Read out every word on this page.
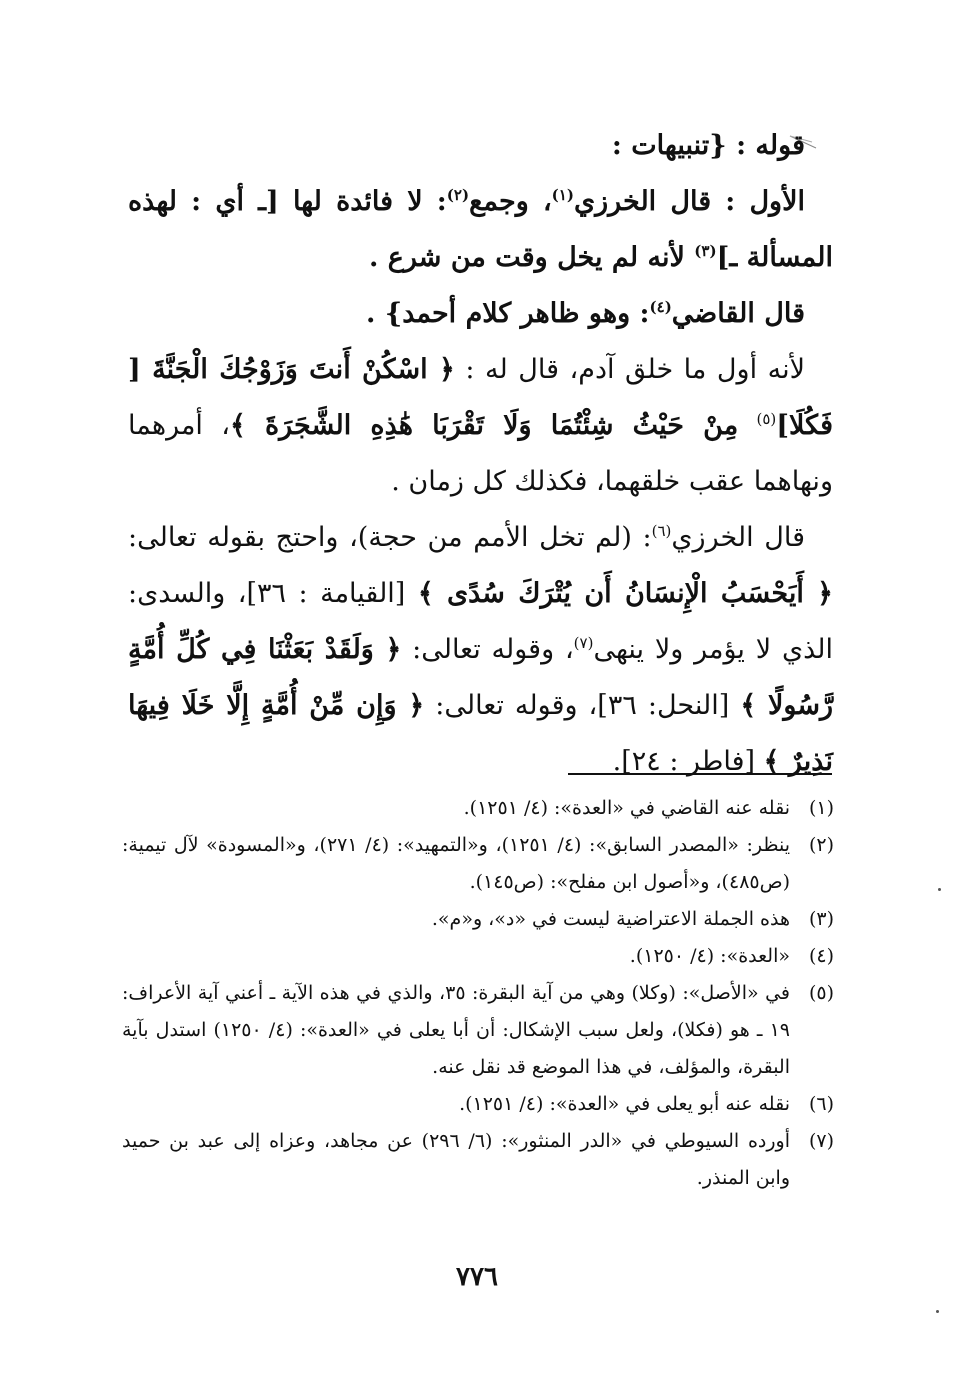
قوله : {تنبيهات :

الأول : قال الخرزي$^{(١)}$، وجمع$^{(٢)}$: لا فائدة لها [ـ أي : لهذه المسألة ـ]$^{(٣)}$ لأنه لم يخل وقت من شرع .

قال القاضي$^{(٤)}$: وهو ظاهر كلام أحمد} .

لأنه أول ما خلق آدم، قال له : ﴿ اسْكُنْ أَنتَ وَزَوْجُكَ الْجَنَّةَ [ فَكُلَا]$^{(٥)}$ مِنْ حَيْثُ شِئْتُمَا وَلَا تَقْرَبَا هَٰذِهِ الشَّجَرَةَ ﴾، أمرهما ونهاهما عقب خلقهما، فكذلك كل زمان .

قال الخرزي$^{(٦)}$: (لم تخل الأمم من حجة)، واحتج بقوله تعالى: ﴿ أَيَحْسَبُ الْإِنسَانُ أَن يُتْرَكَ سُدًى ﴾ [القيامة : ٣٦]، والسدى: الذي لا يؤمر ولا ينهى$^{(٧)}$، وقوله تعالى: ﴿ وَلَقَدْ بَعَثْنَا فِي كُلِّ أُمَّةٍ رَّسُولًا ﴾ [النحل: ٣٦]، وقوله تعالى: ﴿ وَإِن مِّنْ أُمَّةٍ إِلَّا خَلَا فِيهَا نَذِيرٌ ﴾ [فاطر : ٢٤].

(١)
نقله عنه القاضي في «العدة»: (٤/ ١٢٥١).
(٢)
ينظر: «المصدر السابق»: (٤/ ١٢٥١)، و«التمهيد»: (٤/ ٢٧١)، و«المسودة» لآل تيمية: (ص٤٨٥)، و«أصول ابن مفلح»: (ص١٤٥).
(٣)
هذه الجملة الاعتراضية ليست في «د»، و«م».
(٤)
«العدة»: (٤/ ١٢٥٠).
(٥)
في «الأصل»: (وكلا) وهي من آية البقرة: ٣٥، والذي في هذه الآية ـ أعني آية الأعراف: ١٩ ـ هو (فكلا)، ولعل سبب الإشكال: أن أبا يعلى في «العدة»: (٤/ ١٢٥٠) استدل بآية البقرة، والمؤلف، في هذا الموضع قد نقل عنه.
(٦)
نقله عنه أبو يعلى في «العدة»: (٤/ ١٢٥١).
(٧)
أورده السيوطي في «الدر المنثور»: (٦/ ٢٩٦) عن مجاهد، وعزاه إلى عبد بن حميد وابن المنذر.
٧٧٦
